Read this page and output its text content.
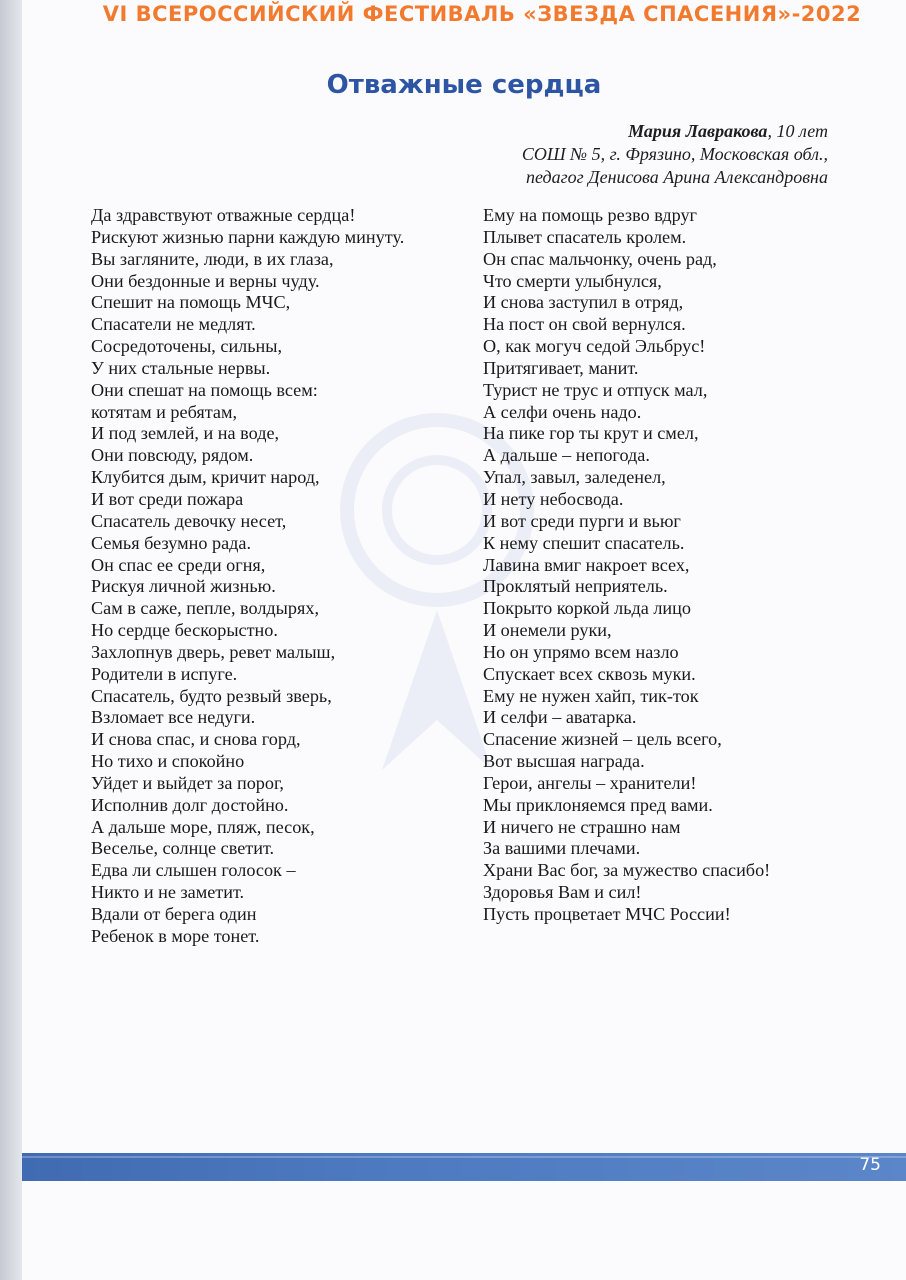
VI ВСЕРОССИЙСКИЙ ФЕСТИВАЛЬ «ЗВЕЗДА СПАСЕНИЯ»-2022
Отважные сердца
Мария Лавракова, 10 лет
СОШ № 5, г. Фрязино, Московская обл.,
педагог Денисова Арина Александровна
Да здравствуют отважные сердца!
Рискуют жизнью парни каждую минуту.
Вы загляните, люди, в их глаза,
Они бездонные и верны чуду.
Спешит на помощь МЧС,
Спасатели не медлят.
Сосредоточены, сильны,
У них стальные нервы.
Они спешат на помощь всем:
котятам и ребятам,
И под землей, и на воде,
Они повсюду, рядом.
Клубится дым, кричит народ,
И вот среди пожара
Спасатель девочку несет,
Семья безумно рада.
Он спас ее среди огня,
Рискуя личной жизнью.
Сам в саже, пепле, волдырях,
Но сердце бескорыстно.
Захлопнув дверь, ревет малыш,
Родители в испуге.
Спасатель, будто резвый зверь,
Взломает все недуги.
И снова спас, и снова горд,
Но тихо и спокойно
Уйдет и выйдет за порог,
Исполнив долг достойно.
А дальше море, пляж, песок,
Веселье, солнце светит.
Едва ли слышен голосок –
Никто и не заметит.
Вдали от берега один
Ребенок в море тонет.
Ему на помощь резво вдруг
Плывет спасатель кролем.
Он спас мальчонку, очень рад,
Что смерти улыбнулся,
И снова заступил в отряд,
На пост он свой вернулся.
О, как могуч седой Эльбрус!
Притягивает, манит.
Турист не трус и отпуск мал,
А селфи очень надо.
На пике гор ты крут и смел,
А дальше – непогода.
Упал, завыл, заледенел,
И нету небосвода.
И вот среди пурги и вьюг
К нему спешит спасатель.
Лавина вмиг накроет всех,
Проклятый неприятель.
Покрыто коркой льда лицо
И онемели руки,
Но он упрямо всем назло
Спускает всех сквозь муки.
Ему не нужен хайп, тик-ток
И селфи – аватарка.
Спасение жизней – цель всего,
Вот высшая награда.
Герои, ангелы – хранители!
Мы приклоняемся пред вами.
И ничего не страшно нам
За вашими плечами.
Храни Вас бог, за мужество спасибо!
Здоровья Вам и сил!
Пусть процветает МЧС России!
75
